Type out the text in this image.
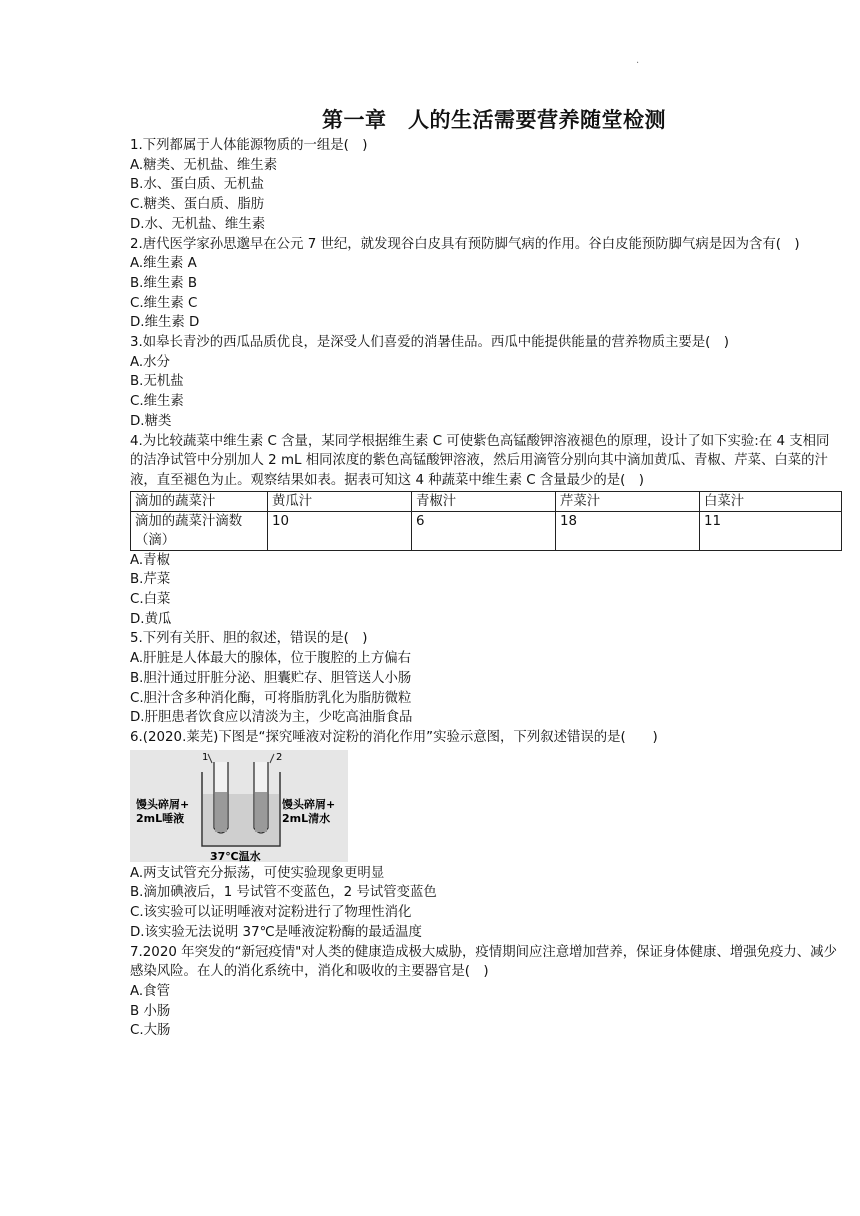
·
第一章　人的生活需要营养随堂检测
1.下列都属于人体能源物质的一组是(　)
A.糖类、无机盐、维生素
B.水、蛋白质、无机盐
C.糖类、蛋白质、脂肪
D.水、无机盐、维生素
2.唐代医学家孙思邈早在公元 7 世纪，就发现谷白皮具有预防脚气病的作用。谷白皮能预防脚气病是因为含有(　)
A.维生素 A
B.维生素 B
C.维生素 C
D.维生素 D
3.如皋长青沙的西瓜品质优良，是深受人们喜爱的消暑佳品。西瓜中能提供能量的营养物质主要是(　)
A.水分
B.无机盐
C.维生素
D.糖类
4.为比较蔬菜中维生素 C 含量，某同学根据维生素 C 可使紫色高锰酸钾溶液褪色的原理，设计了如下实验:在 4 支相同的洁净试管中分别加人 2 mL 相同浓度的紫色高锰酸钾溶液，然后用滴管分别向其中滴加黄瓜、青椒、芹菜、白菜的汁液，直至褪色为止。观察结果如表。据表可知这 4 种蔬菜中维生素 C 含量最少的是(　)
滴加的蔬菜汁	黄瓜汁	青椒汁	芹菜汁	白菜汁
滴加的蔬菜汁滴数（滴）	10	6	18	11
A.青椒
B.芹菜
C.白菜
D.黄瓜
5.下列有关肝、胆的叙述，错误的是(　)
A.肝脏是人体最大的腺体，位于腹腔的上方偏右
B.胆汁通过肝脏分泌、胆囊贮存、胆管送人小肠
C.胆汁含多种消化酶，可将脂肪乳化为脂肪微粒
D.肝胆患者饮食应以清淡为主，少吃高油脂食品
6.(2020.莱芜)下图是“探究唾液对淀粉的消化作用”实验示意图，下列叙述错误的是(　　)
1	2
馒头碎屑+
2mL唾液
馒头碎屑+
2mL清水
37℃温水
A.两支试管充分振荡，可使实验现象更明显
B.滴加碘液后，1 号试管不变蓝色，2 号试管变蓝色
C.该实验可以证明唾液对淀粉进行了物理性消化
D.该实验无法说明 37℃是唾液淀粉酶的最适温度
7.2020 年突发的“新冠疫情"对人类的健康造成极大威胁，疫情期间应注意增加营养，保证身体健康、增强免疫力、减少感染风险。在人的消化系统中，消化和吸收的主要器官是(　)
A.食管
B 小肠
C.大肠
